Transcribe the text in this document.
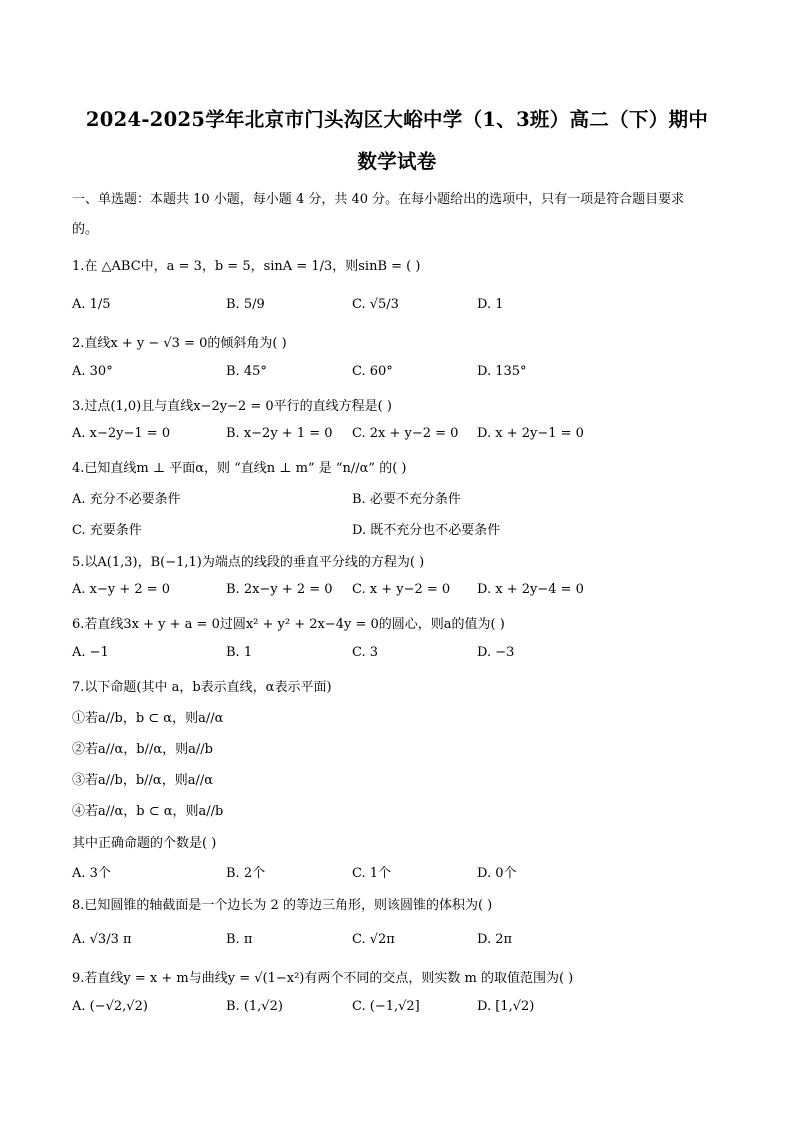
2024-2025学年北京市门头沟区大峪中学（1、3班）高二（下）期中
数学试卷
一、单选题：本题共 10 小题，每小题 4 分，共 40 分。在每小题给出的选项中，只有一项是符合题目要求
的。
1.在 △ABC中，a = 3，b = 5，sinA = 1/3，则sinB = ( )
A. 1/5	B. 5/9	C. √5/3	D. 1
2.直线x + y − √3 = 0的倾斜角为( )
A. 30°	B. 45°	C. 60°	D. 135°
3.过点(1,0)且与直线x−2y−2 = 0平行的直线方程是( )
A. x−2y−1 = 0	B. x−2y + 1 = 0 C. 2x + y−2 = 0 D. x + 2y−1 = 0
4.已知直线m ⊥ 平面α，则 “直线n ⊥ m” 是 “n//α” 的( )
A. 充分不必要条件	B. 必要不充分条件
C. 充要条件	D. 既不充分也不必要条件
5.以A(1,3)，B(−1,1)为端点的线段的垂直平分线的方程为( )
A. x−y + 2 = 0	B. 2x−y + 2 = 0 C. x + y−2 = 0 D. x + 2y−4 = 0
6.若直线3x + y + a = 0过圆x² + y² + 2x−4y = 0的圆心，则a的值为( )
A. −1	B. 1	C. 3	D. −3
7.以下命题(其中 a，b表示直线，α表示平面)
①若a//b，b ⊂ α，则a//α
②若a//α，b//α，则a//b
③若a//b，b//α，则a//α
④若a//α，b ⊂ α，则a//b
其中正确命题的个数是( )
A. 3个	B. 2个	C. 1个	D. 0个
8.已知圆锥的轴截面是一个边长为 2 的等边三角形，则该圆锥的体积为( )
A. √3/3 π	B. π	C. √2π	D. 2π
9.若直线y = x + m与曲线y = √(1−x²)有两个不同的交点，则实数 m 的取值范围为( )
A. (−√2,√2)	B. (1,√2)	C. (−1,√2]	D. [1,√2)
